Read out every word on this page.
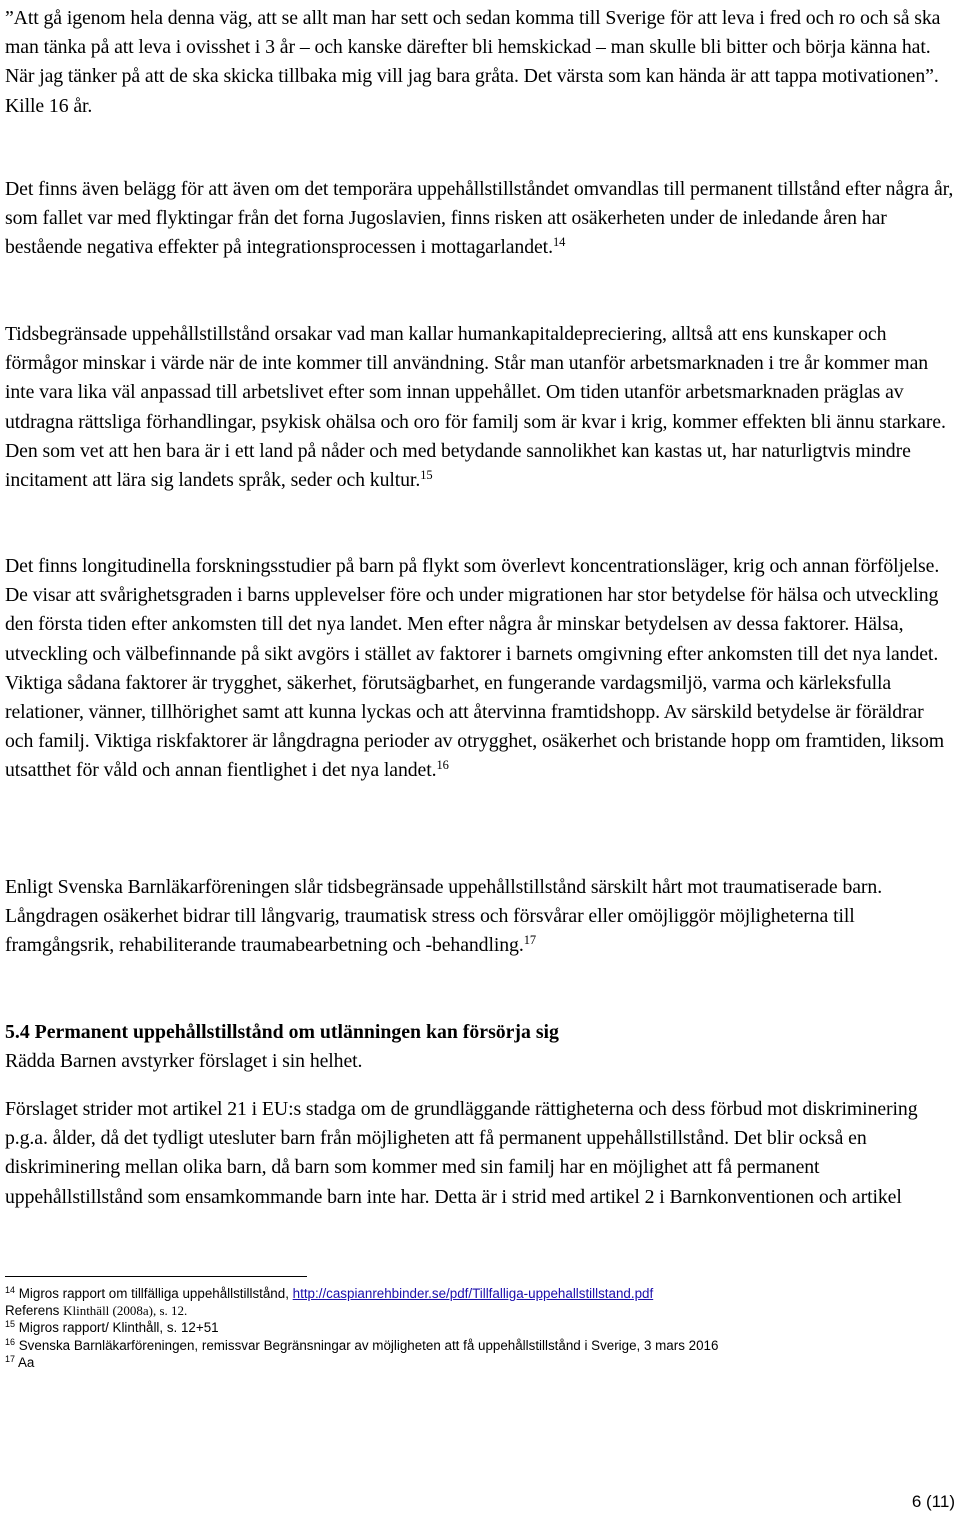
”Att gå igenom hela denna väg, att se allt man har sett och sedan komma till Sverige för att leva i fred och ro och så ska man tänka på att leva i ovisshet i 3 år – och kanske därefter bli hemskickad – man skulle bli bitter och börja känna hat. När jag tänker på att de ska skicka tillbaka mig vill jag bara gråta. Det värsta som kan hända är att tappa motivationen”. Kille 16 år.

Det finns även belägg för att även om det temporära uppehållstillståndet omvandlas till permanent tillstånd efter några år, som fallet var med flyktingar från det forna Jugoslavien, finns risken att osäkerheten under de inledande åren har bestående negativa effekter på integrationsprocessen i mottagarlandet.$^{14}$

Tidsbegränsade uppehållstillstånd orsakar vad man kallar humankapitaldepreciering, alltså att ens kunskaper och förmågor minskar i värde när de inte kommer till användning. Står man utanför arbetsmarknaden i tre år kommer man inte vara lika väl anpassad till arbetslivet efter som innan uppehållet. Om tiden utanför arbetsmarknaden präglas av utdragna rättsliga förhandlingar, psykisk ohälsa och oro för familj som är kvar i krig, kommer effekten bli ännu starkare. Den som vet att hen bara är i ett land på nåder och med betydande sannolikhet kan kastas ut, har naturligtvis mindre incitament att lära sig landets språk, seder och kultur.$^{15}$

Det finns longitudinella forskningsstudier på barn på flykt som överlevt koncentrationsläger, krig och annan förföljelse. De visar att svårighetsgraden i barns upplevelser före och under migrationen har stor betydelse för hälsa och utveckling den första tiden efter ankomsten till det nya landet. Men efter några år minskar betydelsen av dessa faktorer. Hälsa, utveckling och välbefinnande på sikt avgörs i stället av faktorer i barnets omgivning efter ankomsten till det nya landet. Viktiga sådana faktorer är trygghet, säkerhet, förutsägbarhet, en fungerande vardagsmiljö, varma och kärleksfulla relationer, vänner, tillhörighet samt att kunna lyckas och att återvinna framtidshopp. Av särskild betydelse är föräldrar och familj. Viktiga riskfaktorer är långdragna perioder av otrygghet, osäkerhet och bristande hopp om framtiden, liksom utsatthet för våld och annan fientlighet i det nya landet.$^{16}$

Enligt Svenska Barnläkarföreningen slår tidsbegränsade uppehållstillstånd särskilt hårt mot traumatiserade barn. Långdragen osäkerhet bidrar till långvarig, traumatisk stress och försvårar eller omöjliggör möjligheterna till framgångsrik, rehabiliterande traumabearbetning och -behandling.$^{17}$

5.4 Permanent uppehållstillstånd om utlänningen kan försörja sig

Rädda Barnen avstyrker förslaget i sin helhet.

Förslaget strider mot artikel 21 i EU:s stadga om de grundläggande rättigheterna och dess förbud mot diskriminering p.g.a. ålder, då det tydligt utesluter barn från möjligheten att få permanent uppehållstillstånd. Det blir också en diskriminering mellan olika barn, då barn som kommer med sin familj har en möjlighet att få permanent uppehållstillstånd som ensamkommande barn inte har. Detta är i strid med artikel 2 i Barnkonventionen och artikel

$^{14}$ Migros rapport om tillfälliga uppehållstillstånd, http://caspianrehbinder.se/pdf/Tillfalliga-uppehallstillstand.pdf

Referens Klinthäll (2008a), s. 12.

$^{15}$ Migros rapport/ Klinthåll, s. 12+51

$^{16}$ Svenska Barnläkarföreningen, remissvar Begränsningar av möjligheten att få uppehållstillstånd i Sverige, 3 mars 2016

$^{17}$ Aa

6 (11)
